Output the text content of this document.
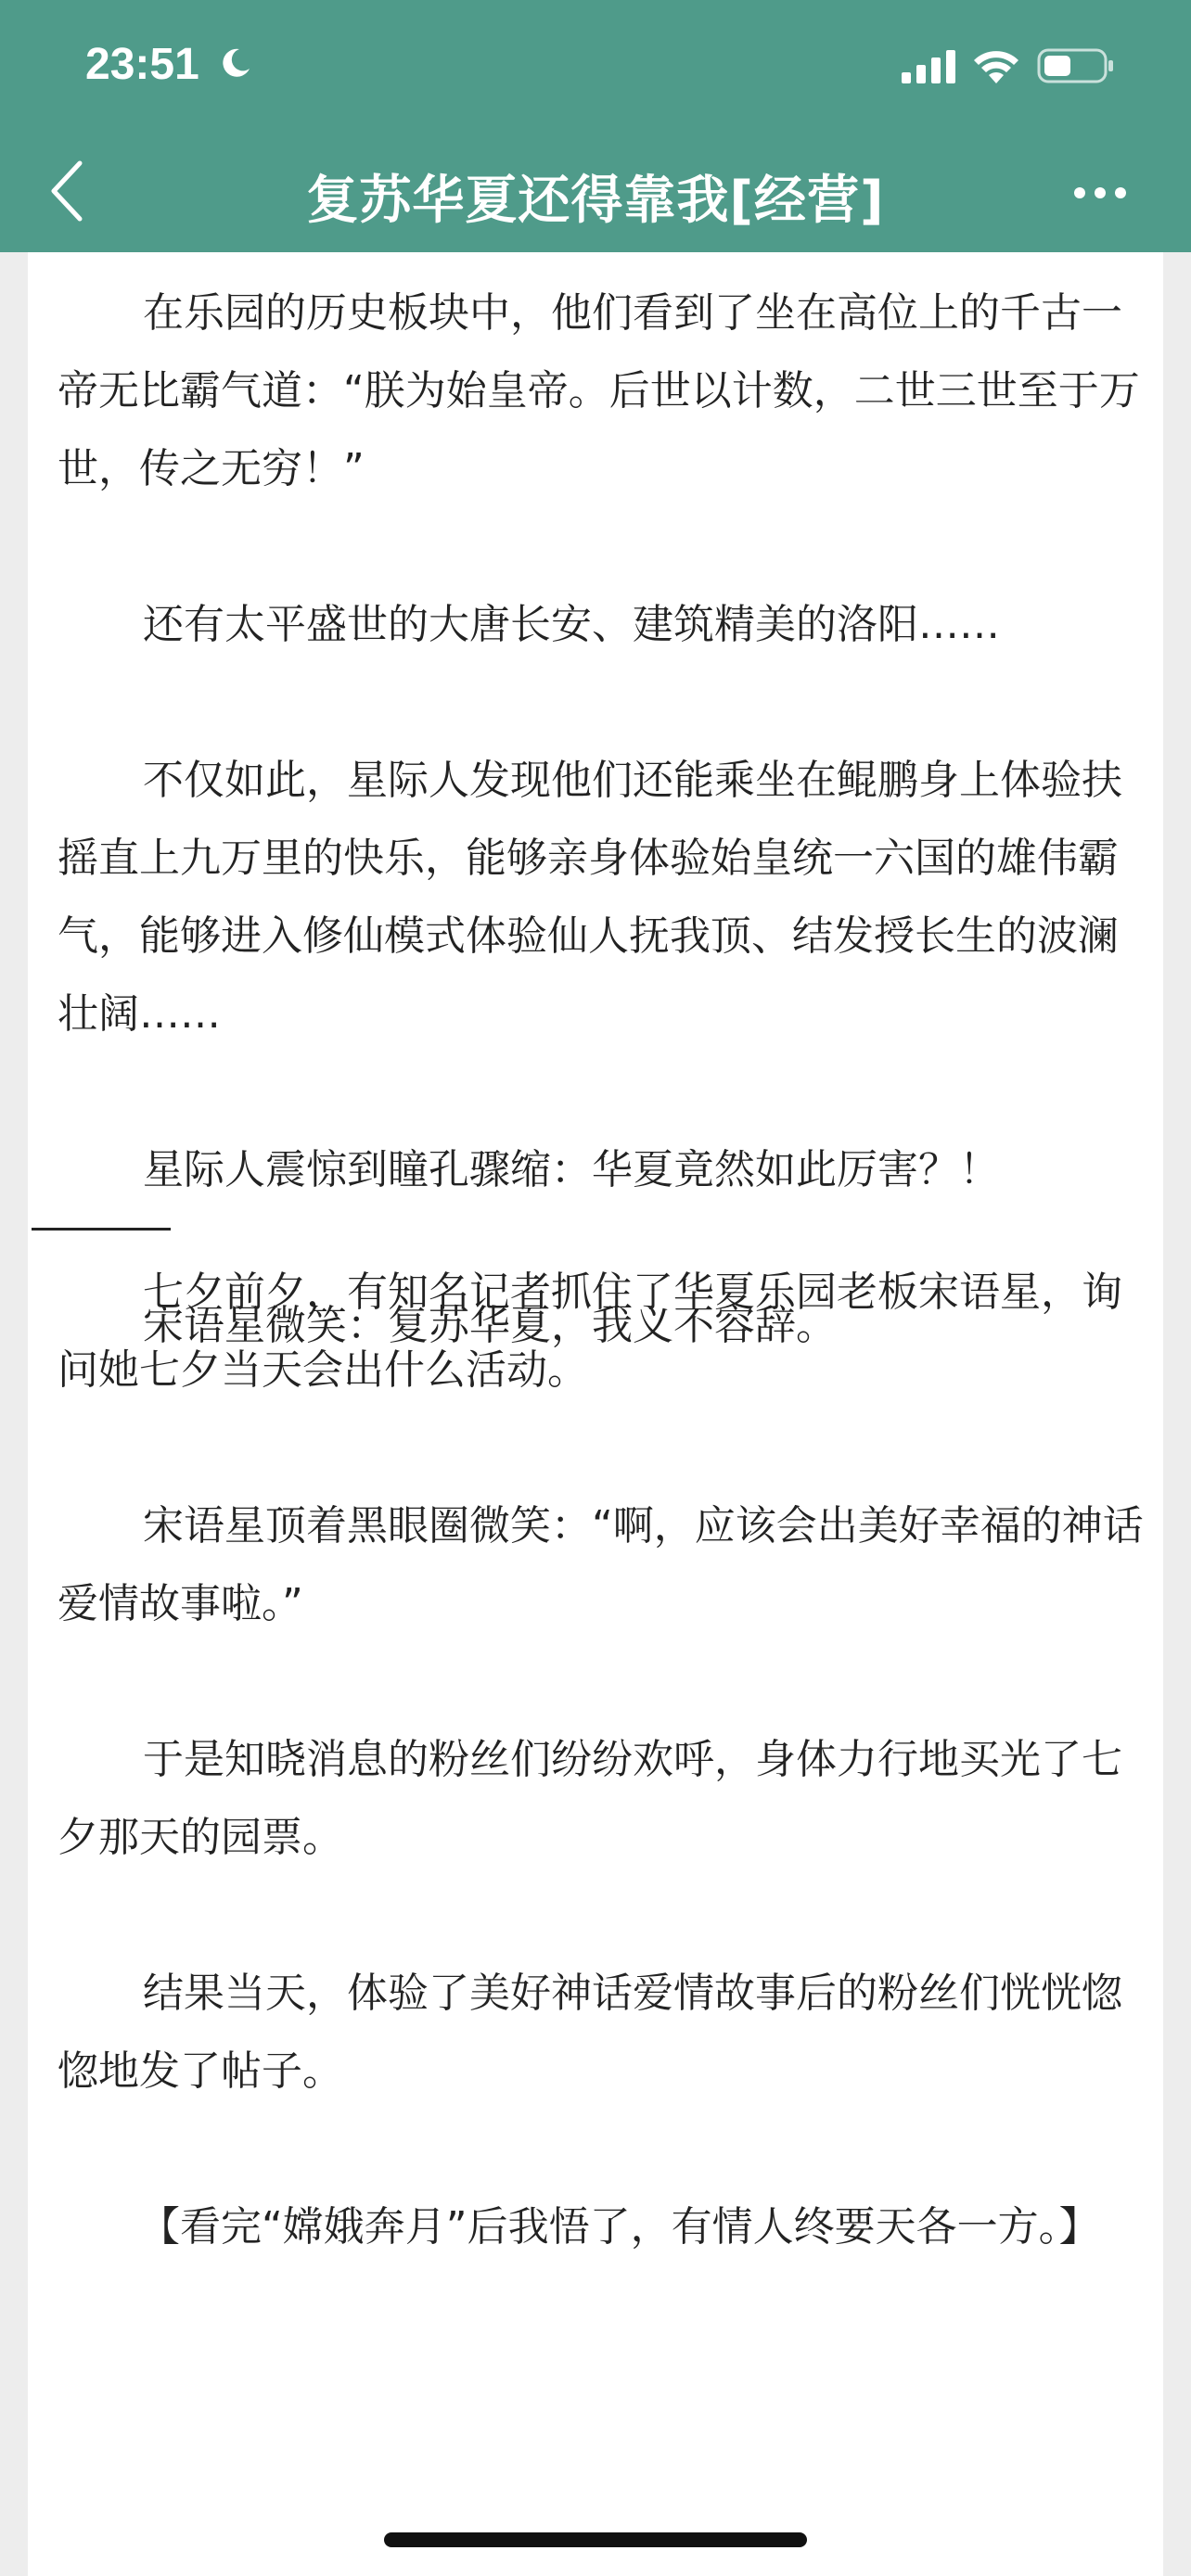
23:51
复苏华夏还得靠我[经营]

在乐园的历史板块中，他们看到了坐在高位上的千古一帝无比霸气道：“朕为始皇帝。后世以计数，二世三世至于万世，传之无穷！”

还有太平盛世的大唐长安、建筑精美的洛阳……

不仅如此，星际人发现他们还能乘坐在鲲鹏身上体验扶摇直上九万里的快乐，能够亲身体验始皇统一六国的雄伟霸气，能够进入修仙模式体验仙人抚我顶、结发授长生的波澜壮阔……

星际人震惊到瞳孔骤缩：华夏竟然如此厉害？！

宋语星微笑：复苏华夏，我义不容辞。

七夕前夕，有知名记者抓住了华夏乐园老板宋语星，询问她七夕当天会出什么活动。

宋语星顶着黑眼圈微笑：“啊，应该会出美好幸福的神话爱情故事啦。”

于是知晓消息的粉丝们纷纷欢呼，身体力行地买光了七夕那天的园票。

结果当天，体验了美好神话爱情故事后的粉丝们恍恍惚惚地发了帖子。

【看完“嫦娥奔月”后我悟了，有情人终要天各一方。】
